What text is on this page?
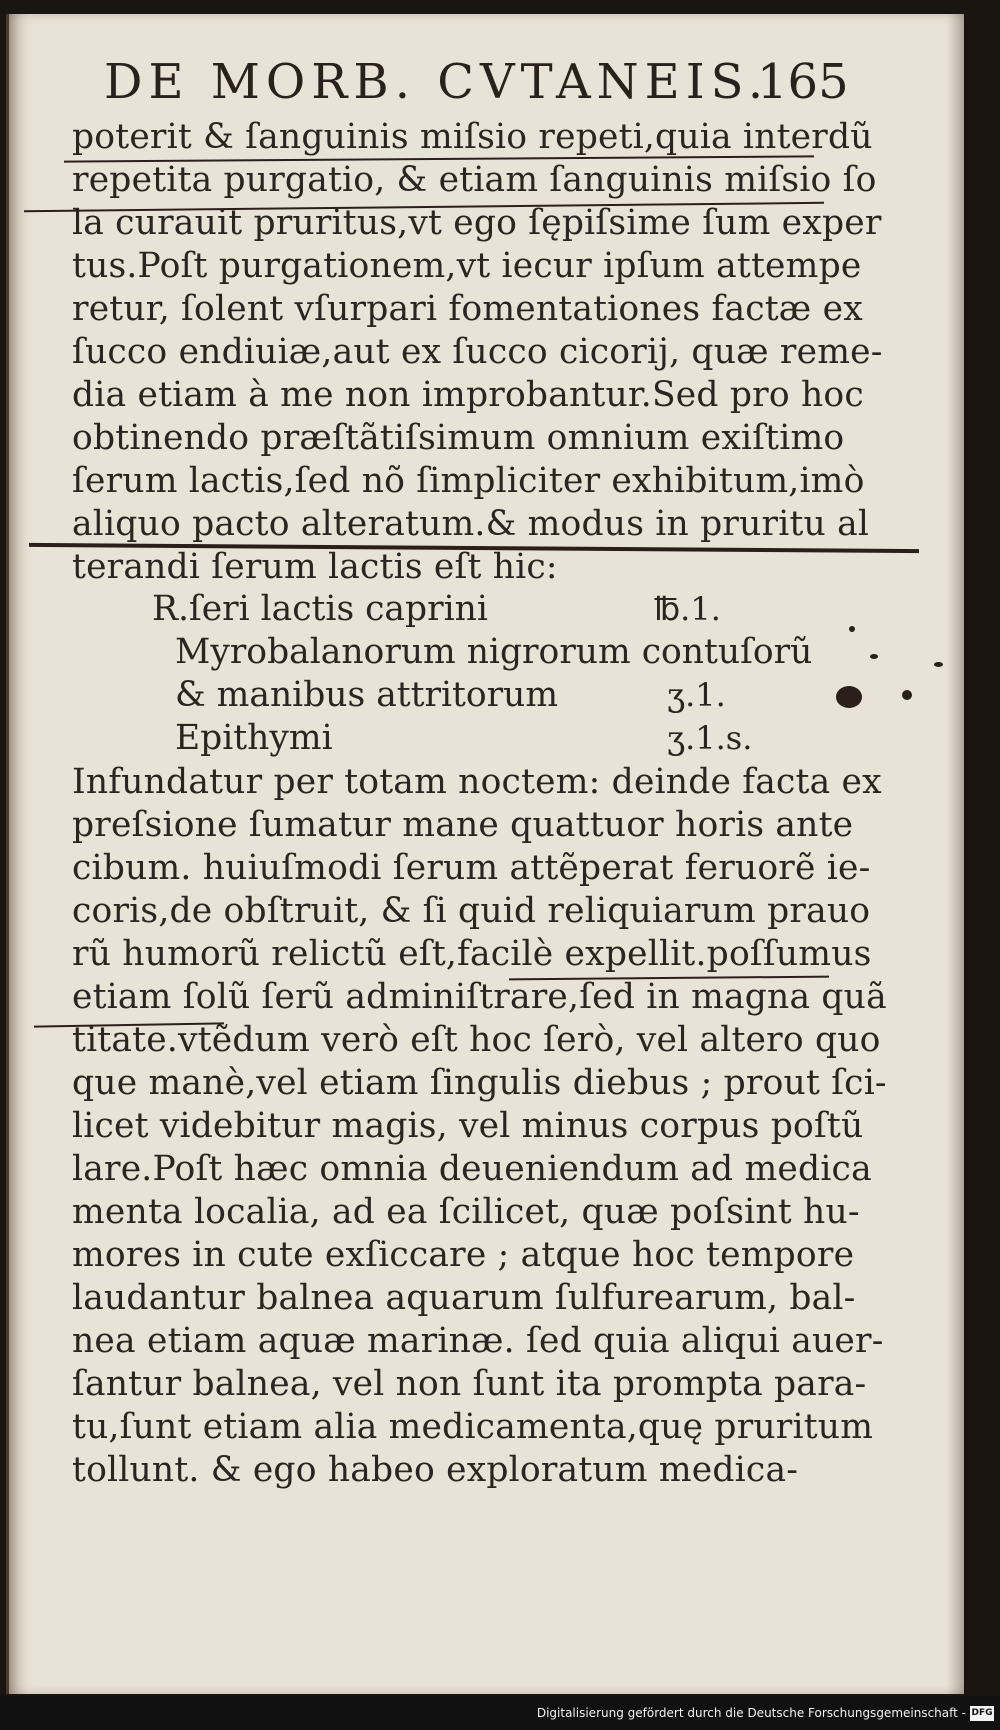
DE MORB. CVTANEIS.
165
poterit & ſanguinis miſsio repeti,quia interdũ
repetita purgatio, & etiam ſanguinis miſsio ſo
la curauit pruritus,vt ego ſępiſsime ſum exper
tus.Poſt purgationem,vt iecur ipſum attempe
retur, ſolent vſurpari fomentationes factæ ex
ſucco endiuiæ,aut ex ſucco cicorij, quæ reme-
dia etiam à me non improbantur.Sed pro hoc
obtinendo præſtãtiſsimum omnium exiſtimo
ſerum lactis,ſed nõ ſimpliciter exhibitum,imò
aliquo pacto alteratum.& modus in pruritu al
terandi ſerum lactis eſt hic:
R.ſeri lactis caprini	℔.1.
Myrobalanorum nigrorum contuſorũ
& manibus attritorum	ʒ.1.
Epithymi	ʒ.1.s.
Infundatur per totam noctem: deinde facta ex
preſsione ſumatur mane quattuor horis ante
cibum. huiuſmodi ſerum attẽperat feruorẽ ie-
coris,de obſtruit, & ſi quid reliquiarum prauo
rũ humorũ relictũ eſt,facilè expellit.poſſumus
etiam ſolũ ſerũ adminiſtrare,ſed in magna quã
titate.vtẽdum verò eſt hoc ſerò, vel altero quo
que manè,vel etiam ſingulis diebus ; prout ſci-
licet videbitur magis, vel minus corpus poſtũ
lare.Poſt hæc omnia deueniendum ad medica
menta localia, ad ea ſcilicet, quæ poſsint hu-
mores in cute exſiccare ; atque hoc tempore
laudantur balnea aquarum ſulfurearum, bal-
nea etiam aquæ marinæ. ſed quia aliqui auer-
ſantur balnea, vel non ſunt ita prompta para-
tu,ſunt etiam alia medicamenta,quę pruritum
tollunt. & ego habeo exploratum medica-
Digitalisierung gefördert durch die Deutsche Forschungsgemeinschaft - DFG
